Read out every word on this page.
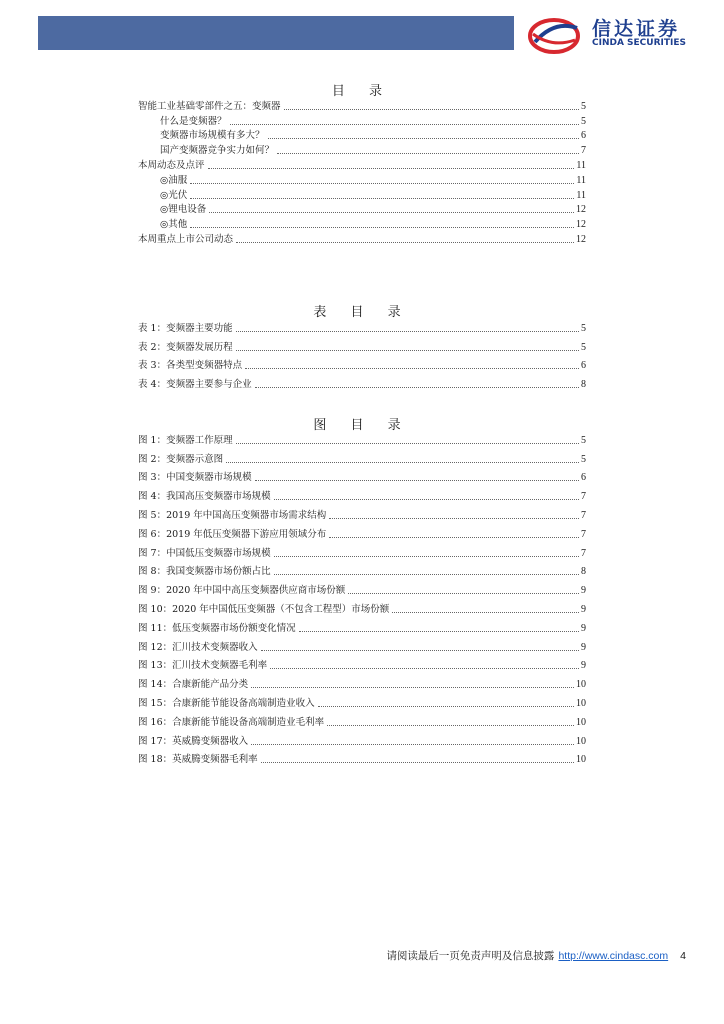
信达证券
CINDA SECURITIES
目 录
智能工业基础零部件之五：变频器	5
什么是变频器？	5
变频器市场规模有多大？	6
国产变频器竞争实力如何？	7
本周动态及点评	11
◎油服	11
◎光伏	11
◎锂电设备	12
◎其他	12
本周重点上市公司动态	12
表 目 录
表 1：变频器主要功能	5
表 2：变频器发展历程	5
表 3：各类型变频器特点	6
表 4：变频器主要参与企业	8
图 目 录
图 1：变频器工作原理	5
图 2：变频器示意图	5
图 3：中国变频器市场规模	6
图 4：我国高压变频器市场规模	7
图 5：2019 年中国高压变频器市场需求结构	7
图 6：2019 年低压变频器下游应用领域分布	7
图 7：中国低压变频器市场规模	7
图 8：我国变频器市场份额占比	8
图 9：2020 年中国中高压变频器供应商市场份额	9
图 10：2020 年中国低压变频器（不包含工程型）市场份额	9
图 11：低压变频器市场份额变化情况	9
图 12：汇川技术变频器收入	9
图 13：汇川技术变频器毛利率	9
图 14：合康新能产品分类	10
图 15：合康新能节能设备高端制造业收入	10
图 16：合康新能节能设备高端制造业毛利率	10
图 17：英威腾变频器收入	10
图 18：英威腾变频器毛利率	10
请阅读最后一页免责声明及信息披露 http://www.cindasc.com 4
